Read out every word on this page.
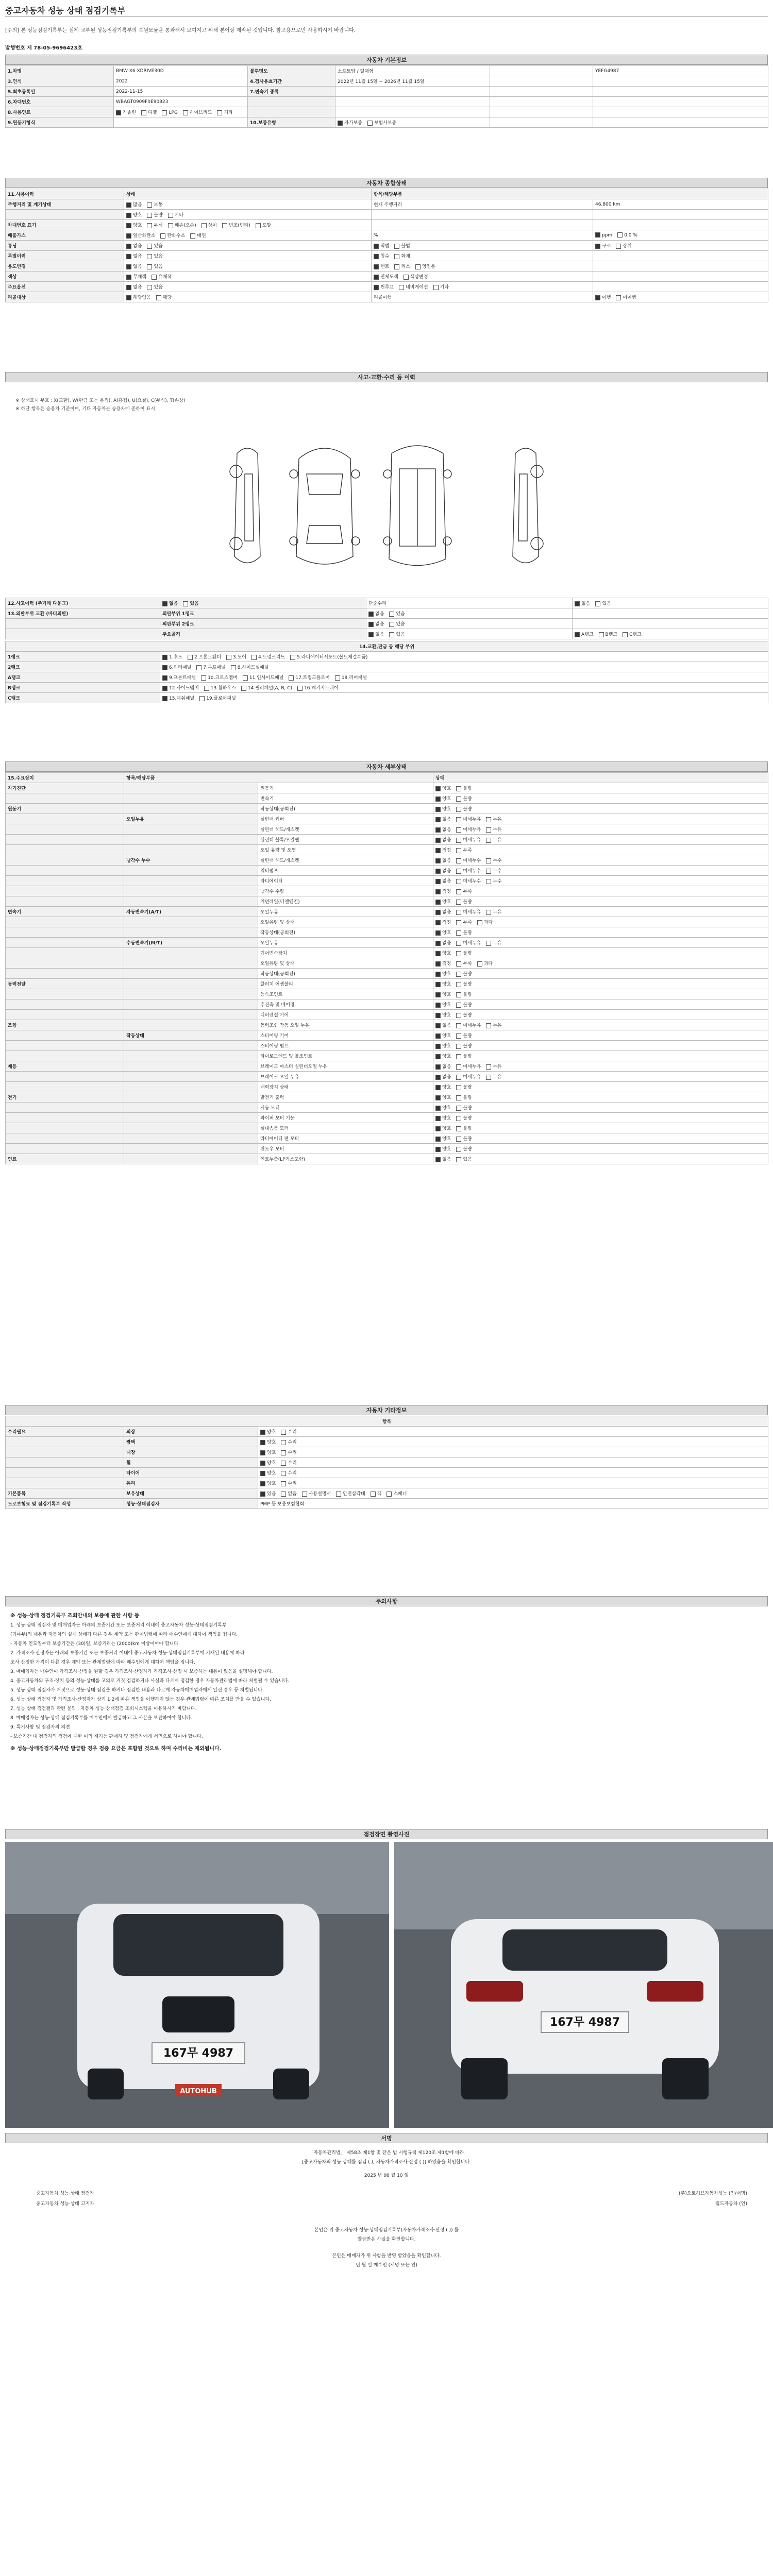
중고자동차 성능 상태 점검기록부
[주의] 본 성능점검기록부는 실제 교부된 성능점검기록부의 복원모듈을 통과해서 보여지고 위해 본이상 제작된 것입니다. 참고용으로만 사용하시기 바랍니다.
발행번호 제 78-05-9696423호
자동차 기본정보
1.차명	BMW X6 XDRIVE30D	불투명도	소프트탑 / 일체형		YEFG4987
3.연식	2022	4.검사유효기간	2022년 11월 15일 ~ 2026년 11월 15일		
5.최초등록일	2022-11-15	7.변속기 종류			
6.차대번호	WBAGT0909F0E90823				
8.사용연료	가솔린 디젤 LPG 하이브리드 기타				
9.원동기형식		10.보증유형	자가보증 보험사보증		
자동차 종합상태
11.사용이력	상태	항목/해당부품	
주행거리 및 계기상태	많음 보통	현재 주행거리	46,800 km
	양호 불량 기타		
차대번호 표기	양호 부식 훼손(오손) 상이 변조(변타) 도말		
배출가스	일산화탄소 탄화수소 매연	%	ppm 0.0 %
튜닝	없음 있음	적법 불법	구조 장치
특별이력	없음 있음	침수 화재	
용도변경	없음 있음	렌트 리스 영업용	
색상	무채색 유채색	전체도색 색상변경	
주요옵션	없음 있음	썬루프 네비게이션 기타	
리콜대상	해당없음 해당	리콜이행	이행 미이행
사고·교환·수리 등 이력
※ 상태표시 부호 : X(교환), W(판금 또는 용접), A(흠집), U(요철), C(부식), T(손상)
※ 하단 항목은 승용차 기준이며, 기타 자동차는 승용차에 준하여 표시
12.사고이력 (주거래 다운그)	없음 있음	단순수리	없음 있음
13.외판부위 교환 (바디외판)	외판부위 1랭크	없음 있음	
	외판부위 2랭크	없음 있음	
	주요골격	없음 있음	A랭크 B랭크 C랭크
14.교환,판금 등 해당 부위	
1랭크	1.후드 2.프론트휀더 3.도어 4.트렁크리드 5.라디에이터서포트(볼트체결부품)
2랭크	6.쿼터패널 7.루프패널 8.사이드실패널
A랭크	9.프론트패널 10.크로스멤버 11.인사이드패널 17.트렁크플로어 18.리어패널
B랭크	12.사이드멤버 13.휠하우스 14.필러패널(A, B, C) 16.패키지트레이
C랭크	15.대쉬패널 19.플로어패널
자동차 세부상태
15.주요장치	항목/해당부품		상태
자기진단		원동기	양호 불량
		변속기	양호 불량
원동기		작동상태(공회전)	양호 불량
	오일누유	실린더 커버	없음 미세누유 누유
		실린더 헤드/개스켓	없음 미세누유 누유
		실린더 블록/오일팬	없음 미세누유 누유
		오일 유량 및 오염	적정 부족
	냉각수 누수	실린더 헤드/개스켓	없음 미세누수 누수
		워터펌프	없음 미세누수 누수
		라디에이터	없음 미세누수 누수
		냉각수 수량	적정 부족
		커먼레일(디젤엔진)	양호 불량
변속기	자동변속기(A/T)	오일누유	없음 미세누유 누유
		오일유량 및 상태	적정 부족 과다
		작동상태(공회전)	양호 불량
	수동변속기(M/T)	오일누유	없음 미세누유 누유
		기어변속장치	양호 불량
		오일유량 및 상태	적정 부족 과다
		작동상태(공회전)	양호 불량
동력전달		클러치 어셈블리	양호 불량
		등속조인트	양호 불량
		추진축 및 베어링	양호 불량
		디퍼렌셜 기어	양호 불량
조향		동력조향 작동 오일 누유	없음 미세누유 누유
	작동상태	스티어링 기어	양호 불량
		스티어링 펌프	양호 불량
		타이로드엔드 및 볼조인트	양호 불량
제동		브레이크 마스터 실린더오일 누유	없음 미세누유 누유
		브레이크 오일 누유	없음 미세누유 누유
		배력장치 상태	양호 불량
전기		발전기 출력	양호 불량
		시동 모터	양호 불량
		와이퍼 모터 기능	양호 불량
		실내송풍 모터	양호 불량
		라디에이터 팬 모터	양호 불량
		윈도우 모터	양호 불량
연료		연료누출(LP가스포함)	없음 있음
자동차 기타정보
항목		
수리필요	외장	양호 수리
	광택	양호 수리
	내장	양호 수리
	휠	양호 수리
	타이어	양호 수리
	유리	양호 수리
기본품목	보유상태	있음 없음 사용설명서 안전삼각대 잭 스패너
도로보험료 및 점검기록부 작성	성능·상태점검자	PMP 등 보증보험협회
주의사항
※ 성능·상태 점검기록부 조회안내의 보증에 관한 사항 등
1. 성능·상태 점검자 및 매매업자는 아래의 보증기간 또는 보증거리 이내에 중고자동차 성능·상태점검기록부
(기록부)의 내용과 자동차의 실제 상태가 다른 경우 계약 또는 관계법령에 따라 매수인에게 대하여 책임을 집니다.
- 자동차 인도일부터 보증기간은 (30)일, 보증거리는 (2000)km 이상이어야 합니다.
2. 가격조사·산정자는 아래의 보증기간 또는 보증거리 이내에 중고자동차 성능·상태점검기록부에 기재된 내용에 따라
조사·산정한 가격이 다른 경우 계약 또는 관계법령에 따라 매수인에게 대하여 책임을 집니다.
3. 매매업자는 매수인이 가격조사·산정을 원할 경우 가격조사·산정자가 가격조사·산정 시 보증하는 내용이 없음을 설명해야 합니다.
4. 중고자동차의 구조·장치 등의 성능·상태를 고의로 거짓 점검하거나 사실과 다르게 점검한 경우 자동차관리법에 따라 처벌될 수 있습니다.
5. 성능·상태 점검자가 거짓으로 성능·상태 점검을 하거나 점검한 내용과 다르게 자동차매매업자에게 알린 경우 등 처벌됩니다.
6. 성능·상태 점검자 및 가격조사·산정자가 상기 1·2에 따른 책임을 이행하지 않는 경우 관계법령에 따른 조치를 받을 수 있습니다.
7. 성능·상태 점검결과 관련 문의 : 자동차 성능·상태점검 조회시스템을 이용하시기 바랍니다.
8. 매매업자는 성능·상태 점검기록부를 매수인에게 발급하고 그 사본을 보관하여야 합니다.
9. 특기사항 및 점검자의 의견
- 보증기간 내 점검자의 점검에 대한 이의 제기는 판매자 및 점검자에게 서면으로 하여야 합니다.
※ 성능·상태점검기록부만 발급할 경우 검증 요금은 포함된 것으로 하며 수리비는 제외됩니다.
점검장면 촬영사진
167무 4987
AUTOHUB
167무 4987
서명
「자동차관리법」 제58조 제1항 및 같은 법 시행규칙 제120조 제1항에 따라
[중고자동차의 성능·상태를 점검 ( ), 자동차가격조사·산정 ( )] 하였음을 확인합니다.
2025 년 06 월 10 일
중고자동차 성능·상태 점검자	(주)오토허브자동차성능 (인/서명)
중고자동차 성능·상태 고지자	월드자동차 (인)
본인은 위 중고자동차 성능·상태점검기록부(자동차가격조사·산정 ( )) 를
발급받은 사실을 확인합니다.
본인은 매매자가 위 사항을 반영 받았음을 확인합니다.
년 월 일 매수인 (서명 또는 인)
